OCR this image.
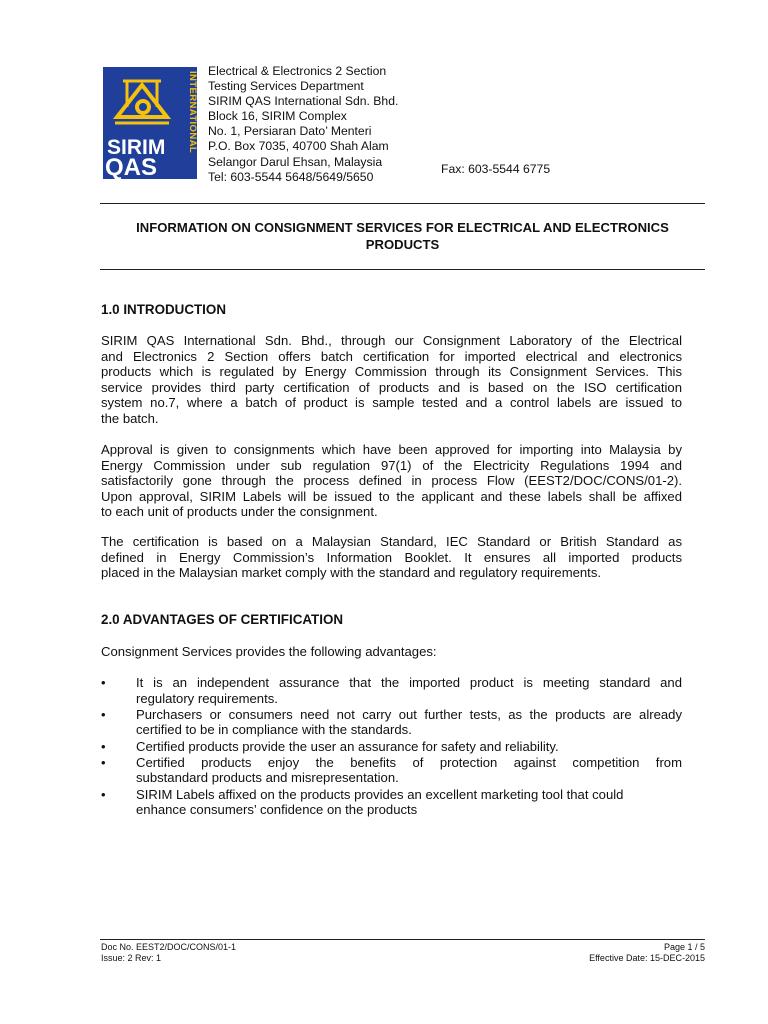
SIRIM
QAS
INTERNATIONAL Electrical & Electronics 2 Section
Testing Services Department
SIRIM QAS International Sdn. Bhd.
Block 16, SIRIM Complex
No. 1, Persiaran Dato’ Menteri
P.O. Box 7035, 40700 Shah Alam
Selangor Darul Ehsan, Malaysia
Tel: 603-5544 5648/5649/5650
Fax: 603-5544 6775
INFORMATION ON CONSIGNMENT SERVICES FOR ELECTRICAL AND ELECTRONICS
PRODUCTS
1.0 INTRODUCTION
SIRIM QAS International Sdn. Bhd., through our Consignment Laboratory of the Electrical
and Electronics 2 Section offers batch certification for imported electrical and electronics
products which is regulated by Energy Commission through its Consignment Services. This
service provides third party certification of products and is based on the ISO certification
system no.7, where a batch of product is sample tested and a control labels are issued to
the batch.
Approval is given to consignments which have been approved for importing into Malaysia by
Energy Commission under sub regulation 97(1) of the Electricity Regulations 1994 and
satisfactorily gone through the process defined in process Flow (EEST2/DOC/CONS/01-2).
Upon approval, SIRIM Labels will be issued to the applicant and these labels shall be affixed
to each unit of products under the consignment.
The certification is based on a Malaysian Standard, IEC Standard or British Standard as
defined in Energy Commission’s Information Booklet. It ensures all imported products
placed in the Malaysian market comply with the standard and regulatory requirements.
2.0 ADVANTAGES OF CERTIFICATION
Consignment Services provides the following advantages:
• It is an independent assurance that the imported product is meeting standard and
regulatory requirements.
• Purchasers or consumers need not carry out further tests, as the products are already
certified to be in compliance with the standards.
• Certified products provide the user an assurance for safety and reliability.
• Certified products enjoy the benefits of protection against competition from
substandard products and misrepresentation.
• SIRIM Labels affixed on the products provides an excellent marketing tool that could
enhance consumers’ confidence on the products
Doc No. EEST2/DOC/CONS/01-1
Issue: 2 Rev: 1
Page 1 / 5
Effective Date: 15-DEC-2015
